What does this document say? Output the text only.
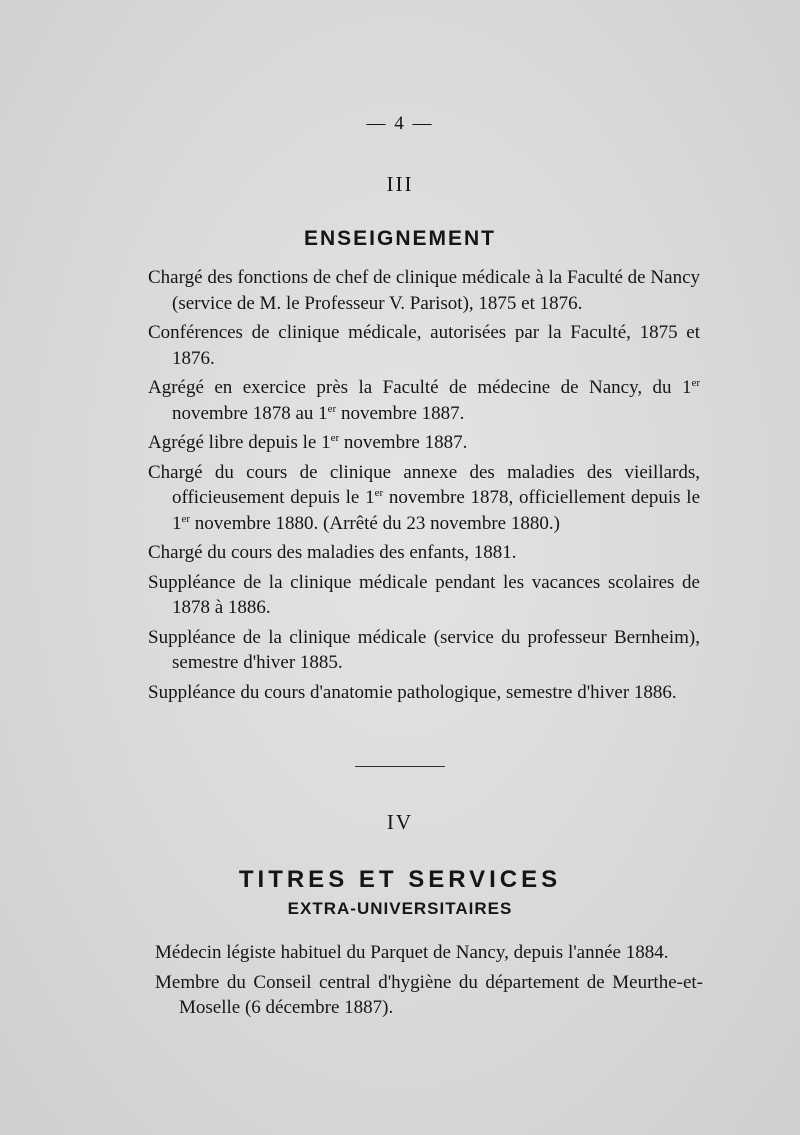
— 4 —
III
ENSEIGNEMENT

Chargé des fonctions de chef de clinique médicale à la Faculté de Nancy (service de M. le Professeur V. Parisot), 1875 et 1876.

Conférences de clinique médicale, autorisées par la Faculté, 1875 et 1876.

Agrégé en exercice près la Faculté de médecine de Nancy, du 1er novembre 1878 au 1er novembre 1887.

Agrégé libre depuis le 1er novembre 1887.

Chargé du cours de clinique annexe des maladies des vieillards, officieusement depuis le 1er novembre 1878, officiellement depuis le 1er novembre 1880. (Arrêté du 23 novembre 1880.)

Chargé du cours des maladies des enfants, 1881.

Suppléance de la clinique médicale pendant les vacances scolaires de 1878 à 1886.

Suppléance de la clinique médicale (service du professeur Bernheim), semestre d'hiver 1885.

Suppléance du cours d'anatomie pathologique, semestre d'hiver 1886.

IV
TITRES ET SERVICES
EXTRA-UNIVERSITAIRES

Médecin légiste habituel du Parquet de Nancy, depuis l'année 1884.

Membre du Conseil central d'hygiène du département de Meurthe-et-Moselle (6 décembre 1887).
